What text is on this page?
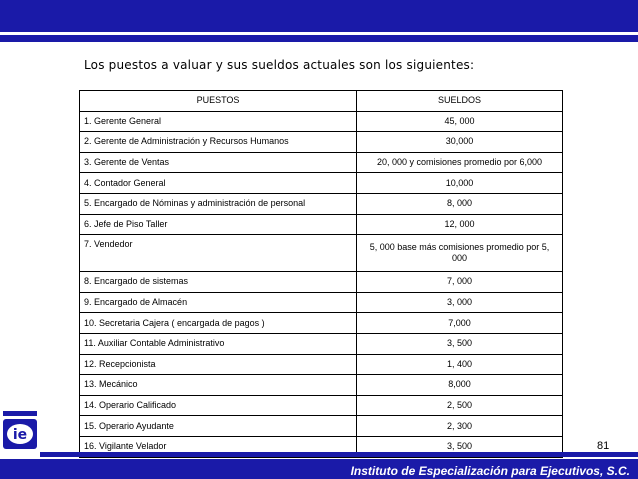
Los puestos a valuar y sus sueldos actuales son los siguientes:
PUESTOS	SUELDOS
1. Gerente General	45, 000
2. Gerente de Administración y Recursos Humanos	30,000
3. Gerente de Ventas	20, 000 y comisiones promedio por 6,000
4. Contador General	10,000
5. Encargado de Nóminas y administración de personal	8, 000
6. Jefe de Piso Taller	12, 000
7. Vendedor	5, 000 base más comisiones promedio por 5, 000
8. Encargado de sistemas	7, 000
9. Encargado de Almacén	3, 000
10. Secretaria Cajera ( encargada de pagos )	7,000
11. Auxiliar Contable Administrativo	3, 500
12. Recepcionista	1, 400
13. Mecánico	8,000
14. Operario Calificado	2, 500
15. Operario Ayudante	2, 300
16. Vigilante Velador	3, 500
ie
81
Instituto de Especialización para Ejecutivos, S.C.
